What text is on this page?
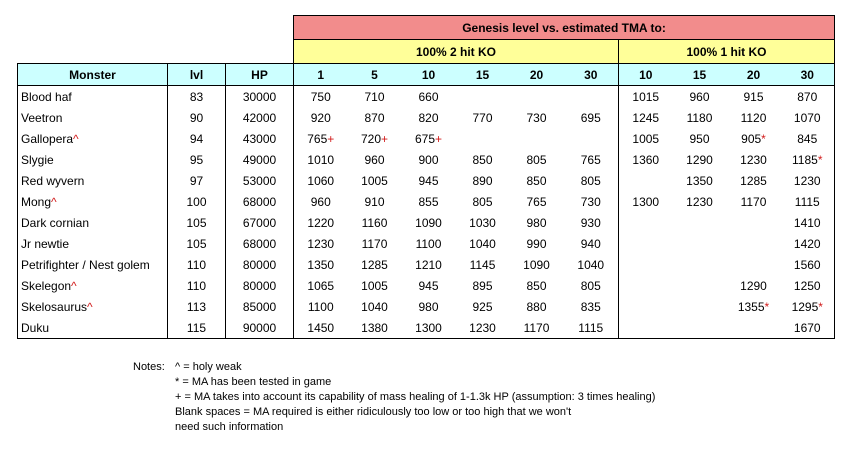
			Genesis level vs. estimated TMA to:									
			100% 2 hit KO						100% 1 hit KO			
Monster	lvl	HP	1	5	10	15	20	30	10	15	20	30
Blood haf	83	30000	750	710	660				1015	960	915	870
Veetron	90	42000	920	870	820	770	730	695	1245	1180	1120	1070
Gallopera^	94	43000	765+	720+	675+				1005	950	905*	845
Slygie	95	49000	1010	960	900	850	805	765	1360	1290	1230	1185*
Red wyvern	97	53000	1060	1005	945	890	850	805		1350	1285	1230
Mong^	100	68000	960	910	855	805	765	730	1300	1230	1170	1115
Dark cornian	105	67000	1220	1160	1090	1030	980	930				1410
Jr newtie	105	68000	1230	1170	1100	1040	990	940				1420
Petrifighter / Nest golem	110	80000	1350	1285	1210	1145	1090	1040				1560
Skelegon^	110	80000	1065	1005	945	895	850	805			1290	1250
Skelosaurus^	113	85000	1100	1040	980	925	880	835			1355*	1295*
Duku	115	90000	1450	1380	1300	1230	1170	1115				1670
Notes: ^ = holy weak
* = MA has been tested in game
+ = MA takes into account its capability of mass healing of 1-1.3k HP (assumption: 3 times healing)
Blank spaces = MA required is either ridiculously too low or too high that we won't
need such information
